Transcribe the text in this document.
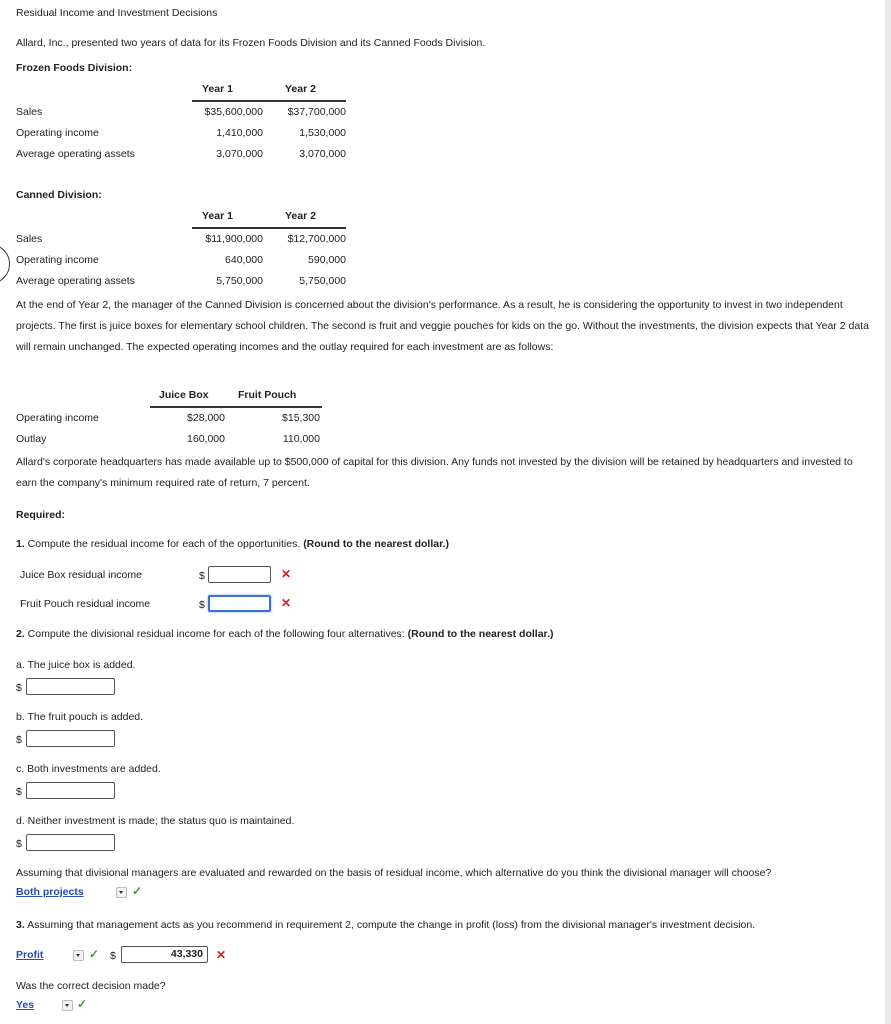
Residual Income and Investment Decisions
Allard, Inc., presented two years of data for its Frozen Foods Division and its Canned Foods Division.
Frozen Foods Division:
Year 1	Year 2
Sales	$35,600,000	$37,700,000
Operating income	1,410,000	1,530,000
Average operating assets	3,070,000	3,070,000
Canned Division:
Year 1	Year 2
Sales	$11,900,000	$12,700,000
Operating income	640,000	590,000
Average operating assets	5,750,000	5,750,000
At the end of Year 2, the manager of the Canned Division is concerned about the division's performance. As a result, he is considering the opportunity to invest in two independent projects. The first is juice boxes for elementary school children. The second is fruit and veggie pouches for kids on the go. Without the investments, the division expects that Year 2 data will remain unchanged. The expected operating incomes and the outlay required for each investment are as follows:
Juice Box	Fruit Pouch
Operating income	$28,000	$15,300
Outlay	160,000	110,000
Allard's corporate headquarters has made available up to $500,000 of capital for this division. Any funds not invested by the division will be retained by headquarters and invested to earn the company's minimum required rate of return, 7 percent.
Required:
1. Compute the residual income for each of the opportunities. (Round to the nearest dollar.)
Juice Box residual income	$	✕
Fruit Pouch residual income	$	✕
2. Compute the divisional residual income for each of the following four alternatives: (Round to the nearest dollar.)
a. The juice box is added.
$
b. The fruit pouch is added.
$
c. Both investments are added.
$
d. Neither investment is made; the status quo is maintained.
$
Assuming that divisional managers are evaluated and rewarded on the basis of residual income, which alternative do you think the divisional manager will choose?
Both projects	✓
3. Assuming that management acts as you recommend in requirement 2, compute the change in profit (loss) from the divisional manager's investment decision.
Profit	✓ $	43,330	✕
Was the correct decision made?
Yes	✓
